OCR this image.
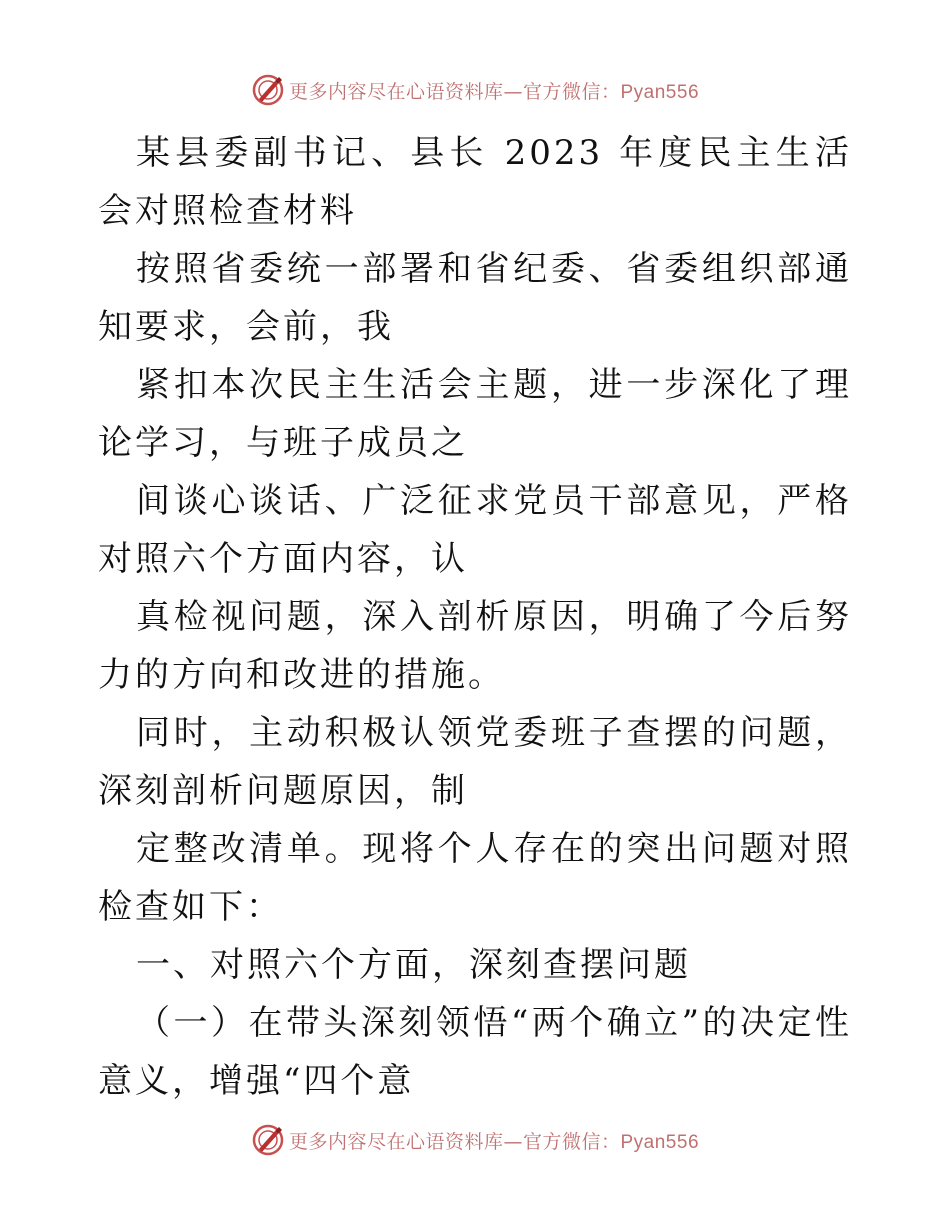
更多内容尽在心语资料库—官方微信：Pyan556

某县委副书记、县长 2023 年度民主生活会对照检查材料

按照省委统一部署和省纪委、省委组织部通知要求，会前，我

紧扣本次民主生活会主题，进一步深化了理论学习，与班子成员之

间谈心谈话、广泛征求党员干部意见，严格对照六个方面内容，认

真检视问题，深入剖析原因，明确了今后努力的方向和改进的措施。

同时，主动积极认领党委班子查摆的问题，深刻剖析问题原因，制

定整改清单。现将个人存在的突出问题对照检查如下：

一、对照六个方面，深刻查摆问题

（一）在带头深刻领悟“两个确立”的决定性意义，增强“四个意

更多内容尽在心语资料库—官方微信：Pyan556
